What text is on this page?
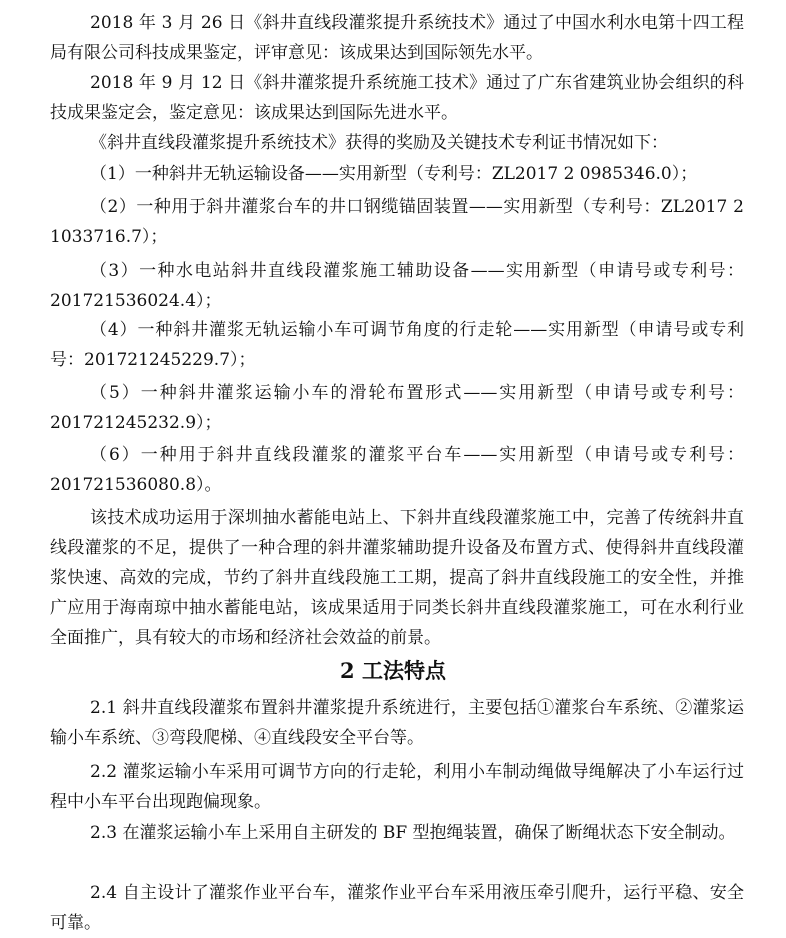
2018 年 3 月 26 日《斜井直线段灌浆提升系统技术》通过了中国水利水电第十四工程局有限公司科技成果鉴定，评审意见：该成果达到国际领先水平。

2018 年 9 月 12 日《斜井灌浆提升系统施工技术》通过了广东省建筑业协会组织的科技成果鉴定会，鉴定意见：该成果达到国际先进水平。

《斜井直线段灌浆提升系统技术》获得的奖励及关键技术专利证书情况如下：

（1）一种斜井无轨运输设备——实用新型（专利号：ZL2017 2 0985346.0）；

（2）一种用于斜井灌浆台车的井口钢缆锚固装置——实用新型（专利号：ZL2017 2 1033716.7）；

（3）一种水电站斜井直线段灌浆施工辅助设备——实用新型（申请号或专利号：201721536024.4）；

（4）一种斜井灌浆无轨运输小车可调节角度的行走轮——实用新型（申请号或专利号：201721245229.7）；

（5）一种斜井灌浆运输小车的滑轮布置形式——实用新型（申请号或专利号：201721245232.9）；

（6）一种用于斜井直线段灌浆的灌浆平台车——实用新型（申请号或专利号：201721536080.8）。

该技术成功运用于深圳抽水蓄能电站上、下斜井直线段灌浆施工中，完善了传统斜井直线段灌浆的不足，提供了一种合理的斜井灌浆辅助提升设备及布置方式、使得斜井直线段灌浆快速、高效的完成，节约了斜井直线段施工工期，提高了斜井直线段施工的安全性，并推广应用于海南琼中抽水蓄能电站，该成果适用于同类长斜井直线段灌浆施工，可在水利行业全面推广，具有较大的市场和经济社会效益的前景。

2 工法特点

2.1 斜井直线段灌浆布置斜井灌浆提升系统进行，主要包括①灌浆台车系统、②灌浆运输小车系统、③弯段爬梯、④直线段安全平台等。

2.2 灌浆运输小车采用可调节方向的行走轮，利用小车制动绳做导绳解决了小车运行过程中小车平台出现跑偏现象。

2.3 在灌浆运输小车上采用自主研发的 BF 型抱绳装置，确保了断绳状态下安全制动。

2.4 自主设计了灌浆作业平台车，灌浆作业平台车采用液压牵引爬升，运行平稳、安全可靠。
